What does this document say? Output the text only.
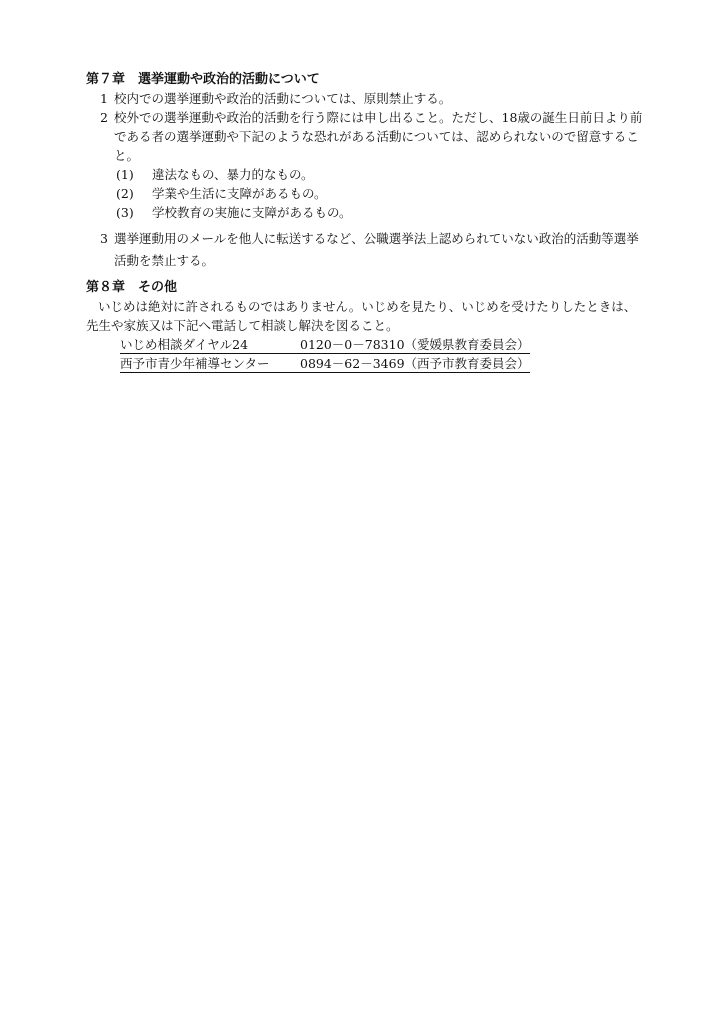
第７章　選挙運動や政治的活動について

1 校内での選挙運動や政治的活動については、原則禁止する。
2 校外での選挙運動や政治的活動を行う際には申し出ること。ただし、18歳の誕生日前日より前である者の選挙運動や下記のような恐れがある活動については、認められないので留意すること。
(1) 違法なもの、暴力的なもの。
(2) 学業や生活に支障があるもの。
(3) 学校教育の実施に支障があるもの。
3 選挙運動用のメールを他人に転送するなど、公職選挙法上認められていない政治的活動等選挙活動を禁止する。

第８章　その他

いじめは絶対に許されるものではありません。いじめを見たり、いじめを受けたりしたときは、先生や家族又は下記へ電話して相談し解決を図ること。

いじめ相談ダイヤル24	0120－0－78310（愛媛県教育委員会）
西予市青少年補導センター 0894－62－3469（西予市教育委員会）
